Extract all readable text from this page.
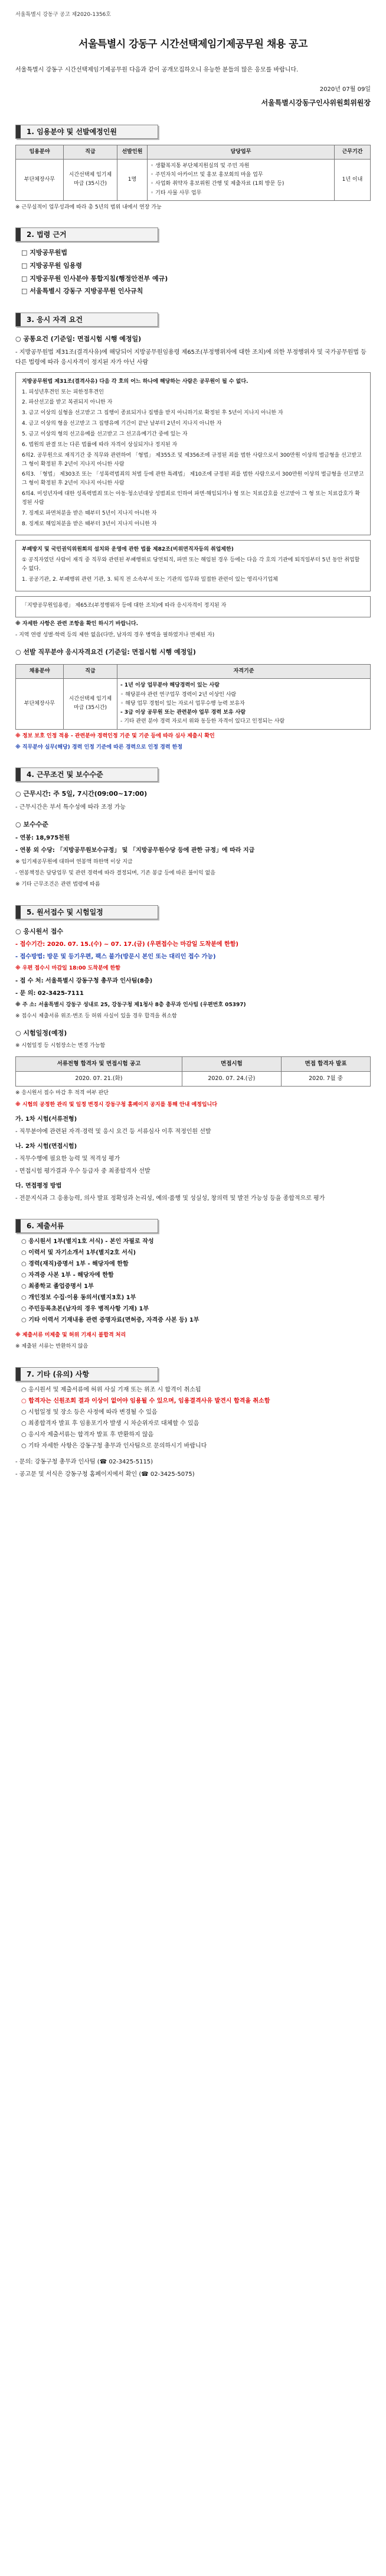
서울특별시 강동구 공고 제2020-1356호
서울특별시 강동구 시간선택제임기제공무원 채용 공고
서울특별시 강동구 시간선택제임기제공무원 다음과 같이 공개모집하오니 유능한 분들의 많은 응모를 바랍니다.
2020년 07월 09일
서울특별시강동구인사위원회위원장
1. 임용분야 및 선발예정인원
임용분야	직급	선발인원	담당업무	근무기간
부단체장사무	시간선택제 임기제 마급 (35시간)	1명	◦ 생활복지통 부단체지원실의 및 주민 자원
◦ 주민자치 아카이브 및 홍보 홍보회의 마을 업무
◦ 사업화 취약자 홍보위원 간행 및 제출자료 (1회 방문 등)
◦ 기타 사물 사무 업무	1년 이내
※ 근무실적이 업무성과에 따라 총 5년의 범위 내에서 연장 가능
2. 법령 근거
□ 지방공무원법
□ 지방공무원 임용령
□ 지방공무원 인사분야 통합지침(행정안전부 예규)
□ 서울특별시 강동구 지방공무원 인사규칙
3. 응시 자격 요건
○ 공통요건 (기준일: 면접시험 시행 예정일)
- 지방공무원법 제31조(결격사유)에 해당되어 지방공무원임용령 제65조(부정행위자에 대한 조치)에 의한 부정행위자 및 국가공무원법 등 다른 법령에 따라 응시자격이 정지된 자가 아닌 사람

지방공무원법 제31조(결격사유) 다음 각 호의 어느 하나에 해당하는 사람은 공무원이 될 수 없다.

1. 피성년후견인 또는 피한정후견인

2. 파산선고를 받고 복권되지 아니한 자

3. 금고 이상의 실형을 선고받고 그 집행이 종료되거나 집행을 받지 아니하기로 확정된 후 5년이 지나지 아니한 자

4. 금고 이상의 형을 선고받고 그 집행유예 기간이 끝난 날부터 2년이 지나지 아니한 자

5. 금고 이상의 형의 선고유예를 선고받고 그 선고유예기간 중에 있는 자

6. 법원의 판결 또는 다른 법률에 따라 자격이 상실되거나 정지된 자

6의2. 공무원으로 재직기간 중 직무와 관련하여 「형법」 제355조 및 제356조에 규정된 죄를 범한 사람으로서 300만원 이상의 벌금형을 선고받고 그 형이 확정된 후 2년이 지나지 아니한 사람

6의3. 「형법」 제303조 또는 「성폭력범죄의 처벌 등에 관한 특례법」 제10조에 규정된 죄를 범한 사람으로서 300만원 이상의 벌금형을 선고받고 그 형이 확정된 후 2년이 지나지 아니한 사람

6의4. 미성년자에 대한 성폭력범죄 또는 아동·청소년대상 성범죄로 인하여 파면·해임되거나 형 또는 치료감호를 선고받아 그 형 또는 치료감호가 확정된 사람

7. 징계로 파면처분을 받은 때부터 5년이 지나지 아니한 자

8. 징계로 해임처분을 받은 때부터 3년이 지나지 아니한 자

부패방지 및 국민권익위원회의 설치와 운영에 관한 법률 제82조(비위면직자등의 취업제한)

① 공직자였던 사람이 재직 중 직무와 관련된 부패행위로 당연퇴직, 파면 또는 해임된 경우 등에는 다음 각 호의 기관에 퇴직일부터 5년 동안 취업할 수 없다.

1. 공공기관, 2. 부패행위 관련 기관, 3. 퇴직 전 소속부서 또는 기관의 업무와 밀접한 관련이 있는 영리사기업체

「지방공무원임용령」 제65조(부정행위자 등에 대한 조치)에 따라 응시자격이 정지된 자

※ 자세한 사항은 관련 조항을 확인 하시기 바랍니다.
- 지역 연령 성별·학력 등의 제한 없음(다만, 남자의 경우 병역을 필하였거나 면제된 자)
○ 선발 직무분야 응시자격요건 (기준일: 면접시험 시행 예정일)
채용분야	직급	자격기준
부단체장사무	시간선택제 임기제 마급 (35시간)	- 1년 이상 업무분야 해당경력이 있는 사람
◦ 해당분야 관련 연구업무 경력이 2년 이상인 사람
◦ 해당 업무 경험이 있는 자로서 업무수행 능력 보유자
- 3급 이상 공무원 또는 관련분야 업무 경력 보유 사람
- 기타 관련 분야 경력 자로서 위와 동등한 자격이 있다고 인정되는 사람
※ 정보 보호 인정 적용 - 관련분야 경력인정 기준 및 기준 등에 따라 심사 제출시 확인
※ 직무분야 실무(해당) 경력 인정 기준에 따른 경력으로 인정 경력 한정
4. 근무조건 및 보수수준
○ 근무시간: 주 5일, 7시간(09:00~17:00)
- 근무시간은 부서 특수성에 따라 조정 가능
○ 보수수준
- 연봉: 18,975천원
- 연봉 외 수당: 「지방공무원보수규정」 및 「지방공무원수당 등에 관한 규정」에 따라 지급
※ 임기제공무원에 대하여 연봉액 하한액 이상 지급
- 연봉책정은 담당업무 및 관련 경력에 따라 결정되며, 기존 봉급 등에 따른 불이익 없음
※ 기타 근무조건은 관련 법령에 따름
5. 원서접수 및 시험일정
○ 응시원서 접수
- 접수기간: 2020. 07. 15.(수) ~ 07. 17.(금) (우편접수는 마감일 도착분에 한함)
- 접수방법: 방문 및 등기우편, 팩스 불가(방문시 본인 또는 대리인 접수 가능)
※ 우편 접수시 마감일 18:00 도착분에 한함
- 접 수 처: 서울특별시 강동구청 총무과 인사팀(8층)
- 문 의: 02-3425-7111
※ 주 소: 서울특별시 강동구 성내로 25, 강동구청 제1청사 8층 총무과 인사팀 (우편번호 05397)
※ 접수시 제출서류 위조·변조 등 허위 사실이 있을 경우 합격을 취소함
○ 시험일정(예정)
※ 시험일정 등 시험장소는 변경 가능함
서류전형 합격자 및 면접시험 공고	면접시험	면접 합격자 발표
2020. 07. 21.(화)	2020. 07. 24.(금)	2020. 7월 중
※ 응시원서 접수 마감 후 적격 여부 판단
※ 시험의 공정한 관리 및 일정 변경시 강동구청 홈페이지 공지를 통해 안내 예정입니다
가. 1차 시험(서류전형)
- 직무분야에 관련된 자격·경력 및 응시 요건 등 서류심사 이후 적정인원 선발
나. 2차 시험(면접시험)
- 직무수행에 필요한 능력 및 적격성 평가
- 면접시험 평가결과 우수 등급자 중 최종합격자 선발
다. 면접평정 방법
- 전문지식과 그 응용능력, 의사 발표 정확성과 논리성, 예의·품행 및 성실성, 창의력 및 발전 가능성 등을 종합적으로 평가
6. 제출서류
○ 응시원서 1부(별지1호 서식) - 본인 자필로 작성
○ 이력서 및 자기소개서 1부(별지2호 서식)
○ 경력(재직)증명서 1부 - 해당자에 한함
○ 자격증 사본 1부 - 해당자에 한함
○ 최종학교 졸업증명서 1부
○ 개인정보 수집·이용 동의서(별지3호) 1부
○ 주민등록초본(남자의 경우 병적사항 기재) 1부
○ 기타 이력서 기재내용 관련 증명자료(면허증, 자격증 사본 등) 1부
※ 제출서류 미제출 및 허위 기재시 불합격 처리
※ 제출된 서류는 반환하지 않음
7. 기타 (유의) 사항
○ 응시원서 및 제출서류에 허위 사실 기재 또는 위조 시 합격이 취소됨
○ 합격자는 신원조회 결과 이상이 없어야 임용될 수 있으며, 임용결격사유 발견시 합격을 취소함
○ 시험일정 및 장소 등은 사정에 따라 변경될 수 있음
○ 최종합격자 발표 후 임용포기자 발생 시 차순위자로 대체할 수 있음
○ 응시자 제출서류는 합격자 발표 후 반환하지 않음
○ 기타 자세한 사항은 강동구청 총무과 인사팀으로 문의하시기 바랍니다
- 문의: 강동구청 총무과 인사팀 (☎ 02-3425-5115)
- 공고문 및 서식은 강동구청 홈페이지에서 확인 (☎ 02-3425-5075)
